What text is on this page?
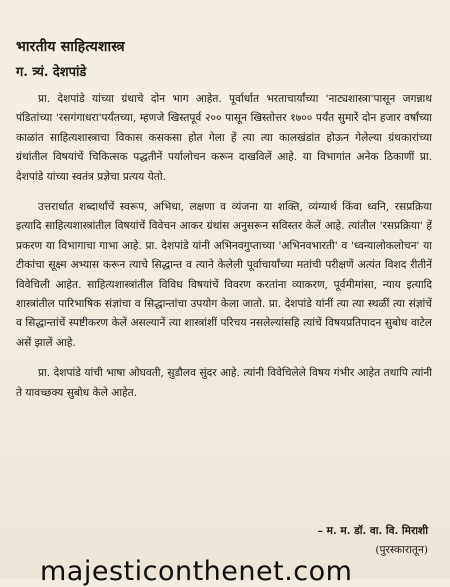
भारतीय साहित्यशास्त्र
ग. त्र्यं. देशपांडे

प्रा. देशपांडे यांच्या ग्रंथाचे दोन भाग आहेत. पूर्वार्धात भरताचार्यांच्या 'नाट्यशास्त्रा'पासून जगन्नाथ पंडितांच्या 'रसगंगाधरा'पर्यंतच्या, म्हणजे खिस्तपूर्व २०० पासून खिस्तोत्तर १७०० पर्यंत सुमारें दोन हजार वर्षांच्या काळांत साहित्यशास्त्राचा विकास कसकसा होत गेला हें त्या त्या कालखंडांत होऊन गेलेल्या ग्रंथकारांच्या ग्रंथांतील विषयांचें चिकित्सक पद्धतीनें पर्यालोचन करून दाखविलें आहे. या विभागांत अनेक ठिकाणीं प्रा. देशपांडे यांच्या स्वतंत्र प्रज्ञेचा प्रत्यय येतो.

उत्तरार्धात शब्दार्थांचें स्वरूप, अभिधा, लक्षणा व व्यंजना या शक्ति, व्यंग्यार्थ किंवा ध्वनि, रसप्रक्रिया इत्यादि साहित्यशास्त्रांतील विषयांचें विवेचन आकर ग्रंथांस अनुसरून सविस्तर केलें आहे. त्यांतील 'रसप्रक्रिया' हें प्रकरण या विभागाचा गाभा आहे. प्रा. देशपांडे यांनी अभिनवगुप्ताच्या 'अभिनवभारती' व 'ध्वन्यालोकलोचन' या टीकांचा सूक्ष्म अभ्यास करून त्याचे सिद्धान्त व त्याने केलेली पूर्वाचार्यांच्या मतांची परीक्षणें अत्यंत विशद रीतीनें विवेचिली आहेत. साहित्यशास्त्रांतील विविध विषयांचें विवरण करतांना व्याकरण, पूर्वमीमांसा, न्याय इत्यादि शास्त्रांतील पारिभाषिक संज्ञांचा व सिद्धान्तांचा उपयोग केला जातो. प्रा. देशपांडे यांनीं त्या त्या स्थळीं त्या संज्ञांचें व सिद्धान्तांचें स्पष्टीकरण केलें असल्यानें त्या शास्त्रांशीं परिचय नसलेल्यांसहि त्यांचें विषयप्रतिपादन सुबोध वाटेल असें झालें आहे.

प्रा. देशपांडे यांची भाषा ओघवती, सुडौलव सुंदर आहे. त्यांनी विवेचिलेले विषय गंभीर आहेत तथापि त्यांनी ते यावच्छक्य सुबोध केले आहेत.

– म. म. डॉ. वा. वि. मिराशी
(पुरस्कारातून)
majesticonthenet.com
